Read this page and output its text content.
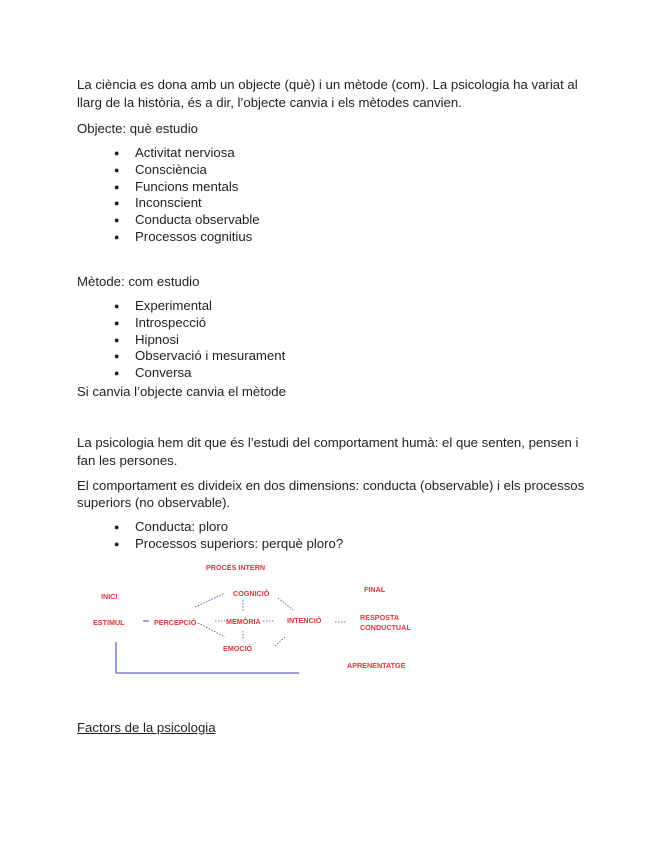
La ciència es dona amb un objecte (què) i un mètode (com). La psicologia ha variat al
llarg de la història, és a dir, l’objecte canvia i els mètodes canvien.
Objecte: què estudio
● Activitat nerviosa
● Consciència
● Funcions mentals
● Inconscient
● Conducta observable
● Processos cognitius
Mètode: com estudio
● Experimental
● Introspecció
● Hipnosi
● Observació i mesurament
● Conversa
Si canvia l’objecte canvia el mètode
La psicologia hem dit que és l’estudi del comportament humà: el que senten, pensen i
fan les persones.
El comportament es divideix en dos dimensions: conducta (observable) i els processos
superiors (no observable).
● Conducta: ploro
● Processos superiors: perquè ploro?
PROCÉS INTERN
INICI
FINAL
ESTIMUL	PERCEPCIÓ
COGNICIÓ
MEMÒRIA
EMOCIÓ
INTENCIÓ	RESPOSTA
CONDUCTUAL
APRENENTATGE
Factors de la psicologia
